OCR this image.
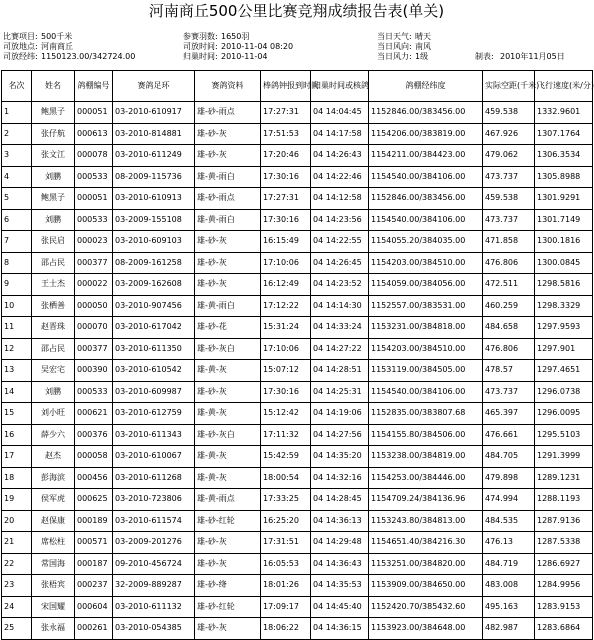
河南商丘500公里比赛竞翔成绩报告表(单关)
比赛项目: 500千米	参赛羽数: 1650羽	当日天气: 晴天
司放地点: 河南商丘	司放时间: 2010-11-04 08:20	当日风向: 南风
司放经纬: 1150123.00/342724.00	归巢时间: 2010-11-04	当日风力: 1级	制表: 2010年11月05日
名次	姓名	鸽棚编号	赛鸽足环	赛鸽资料	棒鸽钟报到时间	归巢时间或核鸽	鸽棚经纬度	实际空距(千米)	飞行速度(米/分)
1	鲍黑子	000051	03-2010-610917	雄-砂-雨点	17:27:31	04 14:04:45	1152846.00/383456.00	459.538	1332.9601
2	张仔航	000613	03-2010-814881	雄-砂-灰	17:51:53	04 14:17:58	1154206.00/383819.00	467.926	1307.1764
3	张文江	000078	03-2010-611249	雄-砂-灰	17:20:46	04 14:26:43	1154211.00/384423.00	479.062	1306.3534
4	刘鹏	000533	08-2009-115736	雄-黄-雨白	17:30:16	04 14:22:46	1154540.00/384106.00	473.737	1305.8988
5	鲍黑子	000051	03-2010-610913	雄-砂-雨点	17:27:31	04 14:12:58	1152846.00/383456.00	459.538	1301.9291
6	刘鹏	000533	03-2009-155108	雄-黄-雨白	17:30:16	04 14:23:56	1154540.00/384106.00	473.737	1301.7149
7	张民启	000023	03-2010-609103	雄-砂-灰	16:15:49	04 14:22:55	1154055.20/384035.00	471.858	1300.1816
8	邵占民	000377	08-2009-161258	雄-砂-灰	17:10:06	04 14:26:45	1154203.00/384510.00	476.806	1300.0845
9	王士杰	000022	03-2009-162608	雄-砂-灰	16:12:49	04 14:23:52	1154059.00/384056.00	472.511	1298.5816
10	张栖善	000050	03-2010-907456	雄-黄-雨白	17:12:22	04 14:14:30	1152557.00/383531.00	460.259	1298.3329
11	赵晋珠	000070	03-2010-617042	雄-砂-花	15:31:24	04 14:33:24	1153231.00/384818.00	484.658	1297.9593
12	邵占民	000377	03-2010-611350	雄-砂-灰白	17:10:06	04 14:27:22	1154203.00/384510.00	476.806	1297.901
13	吴宏宅	000390	03-2010-610542	雄-黄-灰	15:07:12	04 14:28:51	1153119.00/384505.00	478.57	1297.4651
14	刘鹏	000533	03-2010-609987	雄-砂-灰	17:30:16	04 14:25:31	1154540.00/384106.00	473.737	1296.0738
15	刘小旺	000621	03-2010-612759	雄-黄-灰	15:12:42	04 14:19:06	1152835.00/383807.68	465.397	1296.0095
16	薛少六	000376	03-2010-611343	雄-砂-灰白	17:11:32	04 14:27:56	1154155.80/384506.00	476.661	1295.5103
17	赵杰	000058	03-2010-610067	雄-黄-灰	15:42:59	04 14:35:20	1153238.00/384819.00	484.705	1291.3999
18	彭海滨	000456	03-2010-611268	雄-黄-灰	18:00:54	04 14:32:16	1154253.00/384446.00	479.898	1289.1231
19	侯军虎	000625	03-2010-723806	雄-黄-雨点	17:33:25	04 14:28:45	1154709.24/384136.96	474.994	1288.1193
20	赵保康	000189	03-2010-611574	雄-砂-红轮	16:25:20	04 14:36:13	1153243.80/384813.00	484.535	1287.9136
21	席松柱	000571	03-2009-201276	雄-砂-灰	17:31:51	04 14:29:48	1154651.40/384216.30	476.13	1287.5338
22	常国海	000187	09-2010-456724	雄-砂-灰	16:05:53	04 14:36:43	1153251.00/384820.00	484.719	1286.6927
23	张梧宾	000237	32-2009-889287	雄-砂-绛	18:01:26	04 14:35:53	1153909.00/384650.00	483.008	1284.9956
24	宋国耀	000604	03-2010-611132	雄-砂-红轮	17:09:17	04 14:45:40	1152420.70/385432.60	495.163	1283.9153
25	张永福	000261	03-2010-054385	雄-砂-灰	18:06:22	04 14:36:15	1153923.00/384648.00	482.987	1283.6864
